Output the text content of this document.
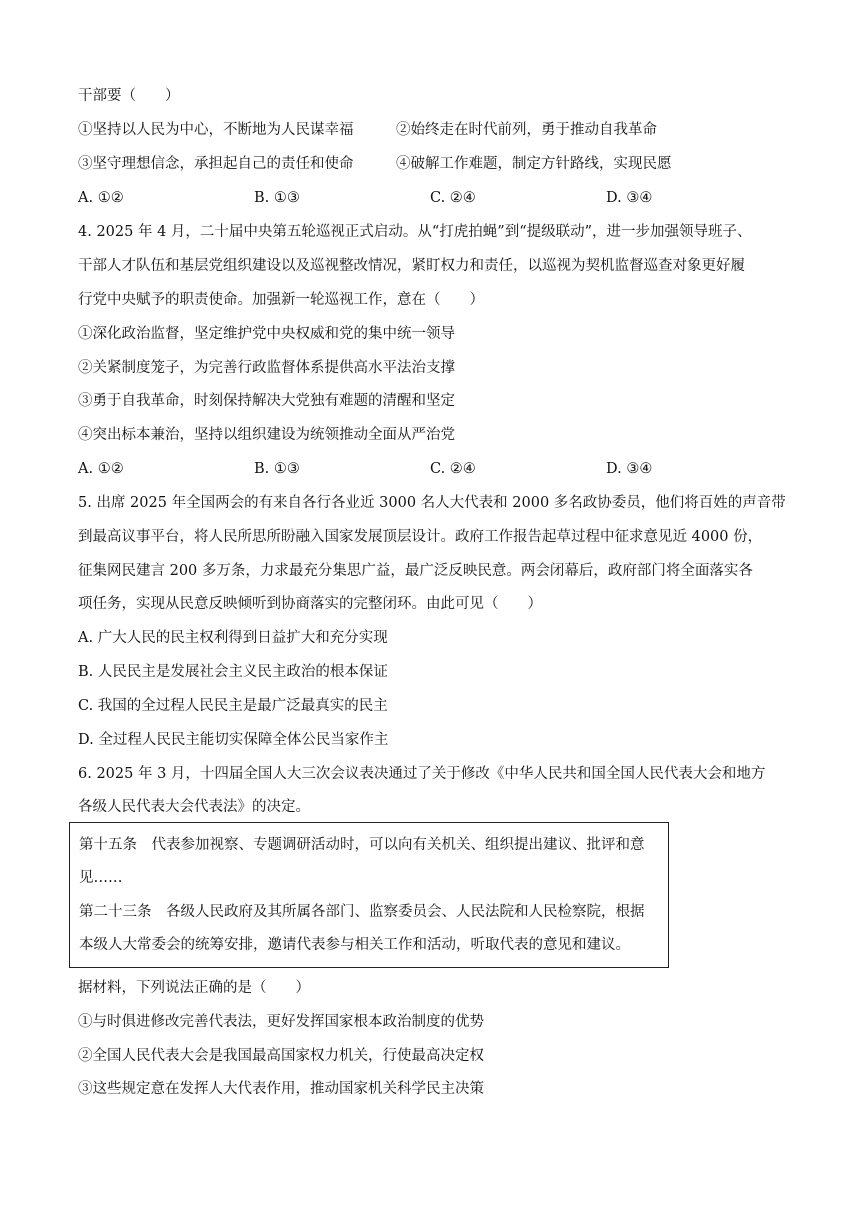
干部要（　　）
①坚持以人民为中心，不断地为人民谋幸福	②始终走在时代前列，勇于推动自我革命
③坚守理想信念，承担起自己的责任和使命	④破解工作难题，制定方针路线，实现民愿
A. ①②	B. ①③	C. ②④	D. ③④
4. 2025 年 4 月，二十届中央第五轮巡视正式启动。从“打虎拍蝇”到“提级联动”，进一步加强领导班子、
干部人才队伍和基层党组织建设以及巡视整改情况，紧盯权力和责任，以巡视为契机监督巡查对象更好履
行党中央赋予的职责使命。加强新一轮巡视工作，意在（　　）
①深化政治监督，坚定维护党中央权威和党的集中统一领导
②关紧制度笼子，为完善行政监督体系提供高水平法治支撑
③勇于自我革命，时刻保持解决大党独有难题的清醒和坚定
④突出标本兼治，坚持以组织建设为统领推动全面从严治党
A. ①②	B. ①③	C. ②④	D. ③④
5. 出席 2025 年全国两会的有来自各行各业近 3000 名人大代表和 2000 多名政协委员，他们将百姓的声音带
到最高议事平台，将人民所思所盼融入国家发展顶层设计。政府工作报告起草过程中征求意见近 4000 份，
征集网民建言 200 多万条，力求最充分集思广益，最广泛反映民意。两会闭幕后，政府部门将全面落实各
项任务，实现从民意反映倾听到协商落实的完整闭环。由此可见（　　）
A. 广大人民的民主权利得到日益扩大和充分实现
B. 人民民主是发展社会主义民主政治的根本保证
C. 我国的全过程人民民主是最广泛最真实的民主
D. 全过程人民民主能切实保障全体公民当家作主
6. 2025 年 3 月，十四届全国人大三次会议表决通过了关于修改《中华人民共和国全国人民代表大会和地方
各级人民代表大会代表法》的决定。
第十五条　代表参加视察、专题调研活动时，可以向有关机关、组织提出建议、批评和意
见……
第二十三条　各级人民政府及其所属各部门、监察委员会、人民法院和人民检察院，根据
本级人大常委会的统筹安排，邀请代表参与相关工作和活动，听取代表的意见和建议。
据材料，下列说法正确的是（　　）
①与时俱进修改完善代表法，更好发挥国家根本政治制度的优势
②全国人民代表大会是我国最高国家权力机关，行使最高决定权
③这些规定意在发挥人大代表作用，推动国家机关科学民主决策
